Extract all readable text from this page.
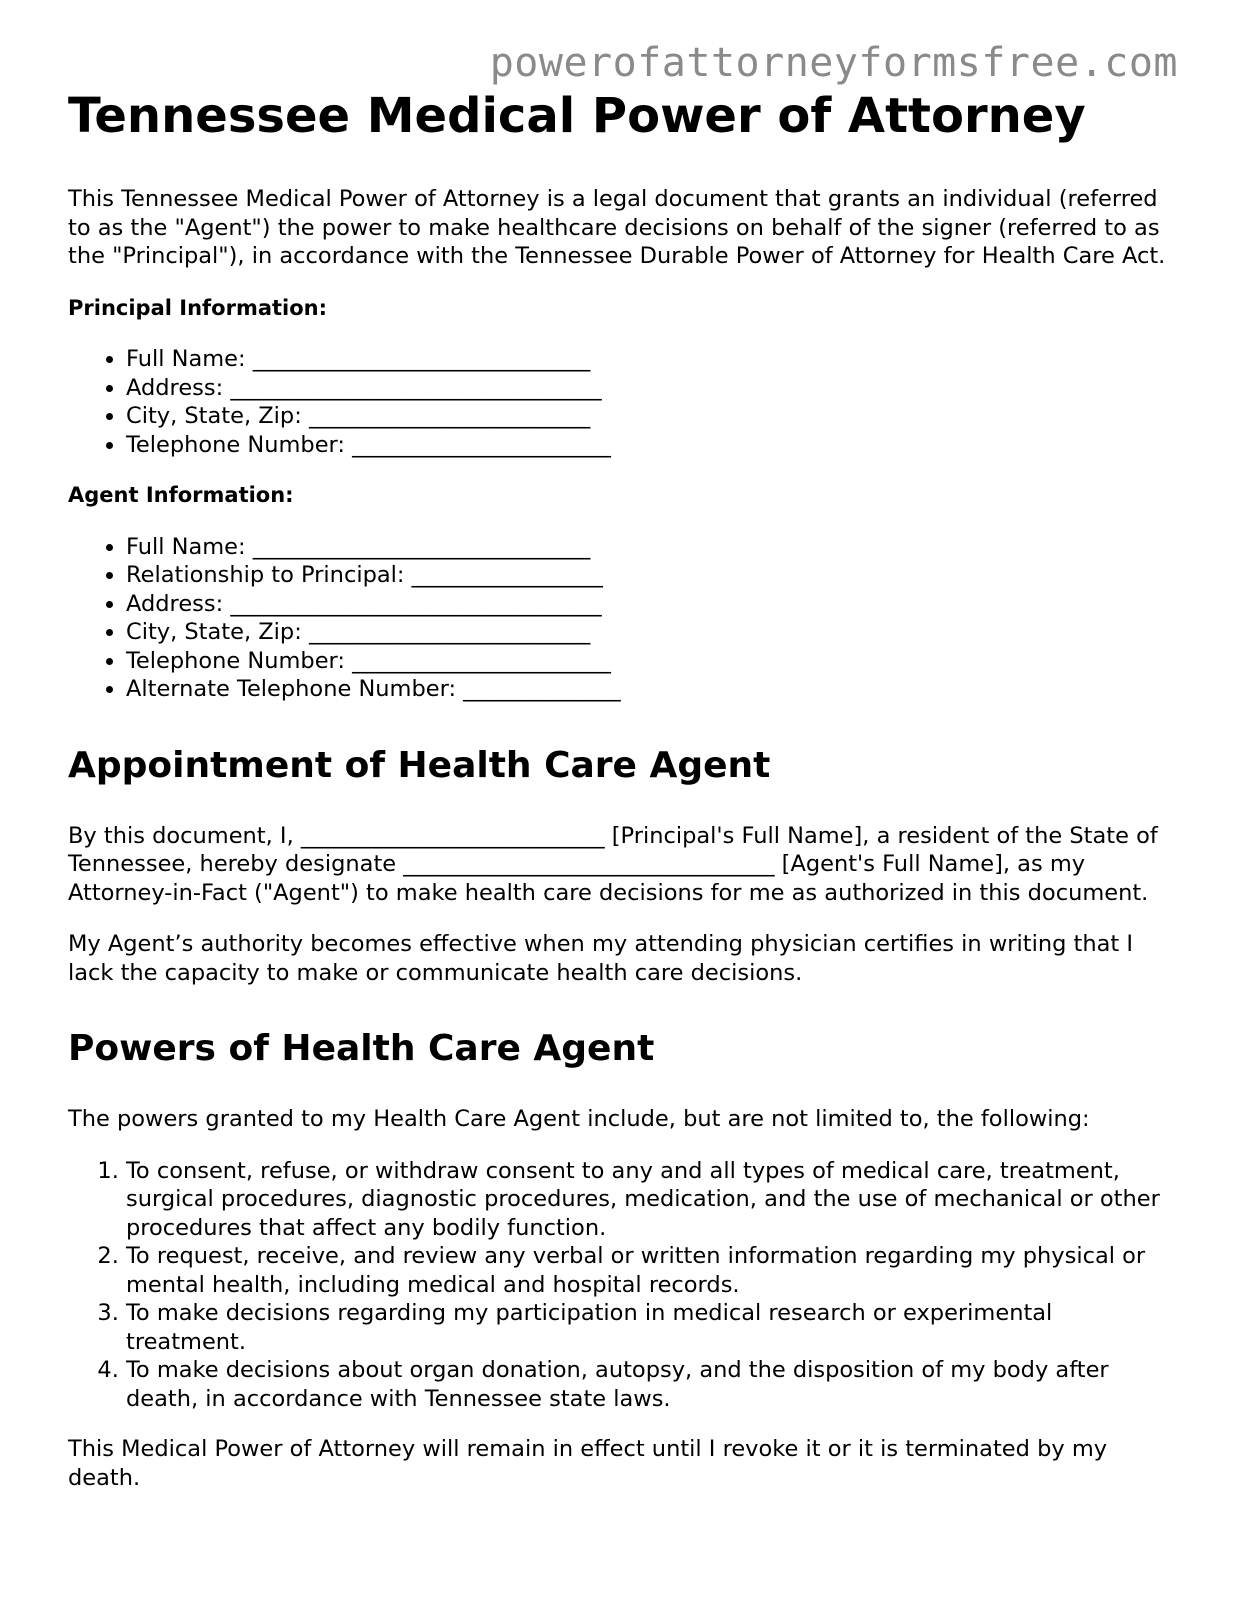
powerofattorneyformsfree.com
Tennessee Medical Power of Attorney

This Tennessee Medical Power of Attorney is a legal document that grants an individual (referred to as the "Agent") the power to make healthcare decisions on behalf of the signer (referred to as the "Principal"), in accordance with the Tennessee Durable Power of Attorney for Health Care Act.

Principal Information:

• Full Name: ______________________________
• Address: _________________________________
• City, State, Zip: _________________________
• Telephone Number: _______________________

Agent Information:

• Full Name: ______________________________
• Relationship to Principal: _________________
• Address: _________________________________
• City, State, Zip: _________________________
• Telephone Number: _______________________
• Alternate Telephone Number: ______________
Appointment of Health Care Agent

By this document, I, ___________________________ [Principal's Full Name], a resident of the State of Tennessee, hereby designate _________________________________ [Agent's Full Name], as my Attorney-in-Fact ("Agent") to make health care decisions for me as authorized in this document.

My Agent’s authority becomes effective when my attending physician certifies in writing that I lack the capacity to make or communicate health care decisions.

Powers of Health Care Agent

The powers granted to my Health Care Agent include, but are not limited to, the following:

1. To consent, refuse, or withdraw consent to any and all types of medical care, treatment, surgical procedures, diagnostic procedures, medication, and the use of mechanical or other procedures that affect any bodily function.
2. To request, receive, and review any verbal or written information regarding my physical or mental health, including medical and hospital records.
3. To make decisions regarding my participation in medical research or experimental treatment.
4. To make decisions about organ donation, autopsy, and the disposition of my body after death, in accordance with Tennessee state laws.

This Medical Power of Attorney will remain in effect until I revoke it or it is terminated by my death.
